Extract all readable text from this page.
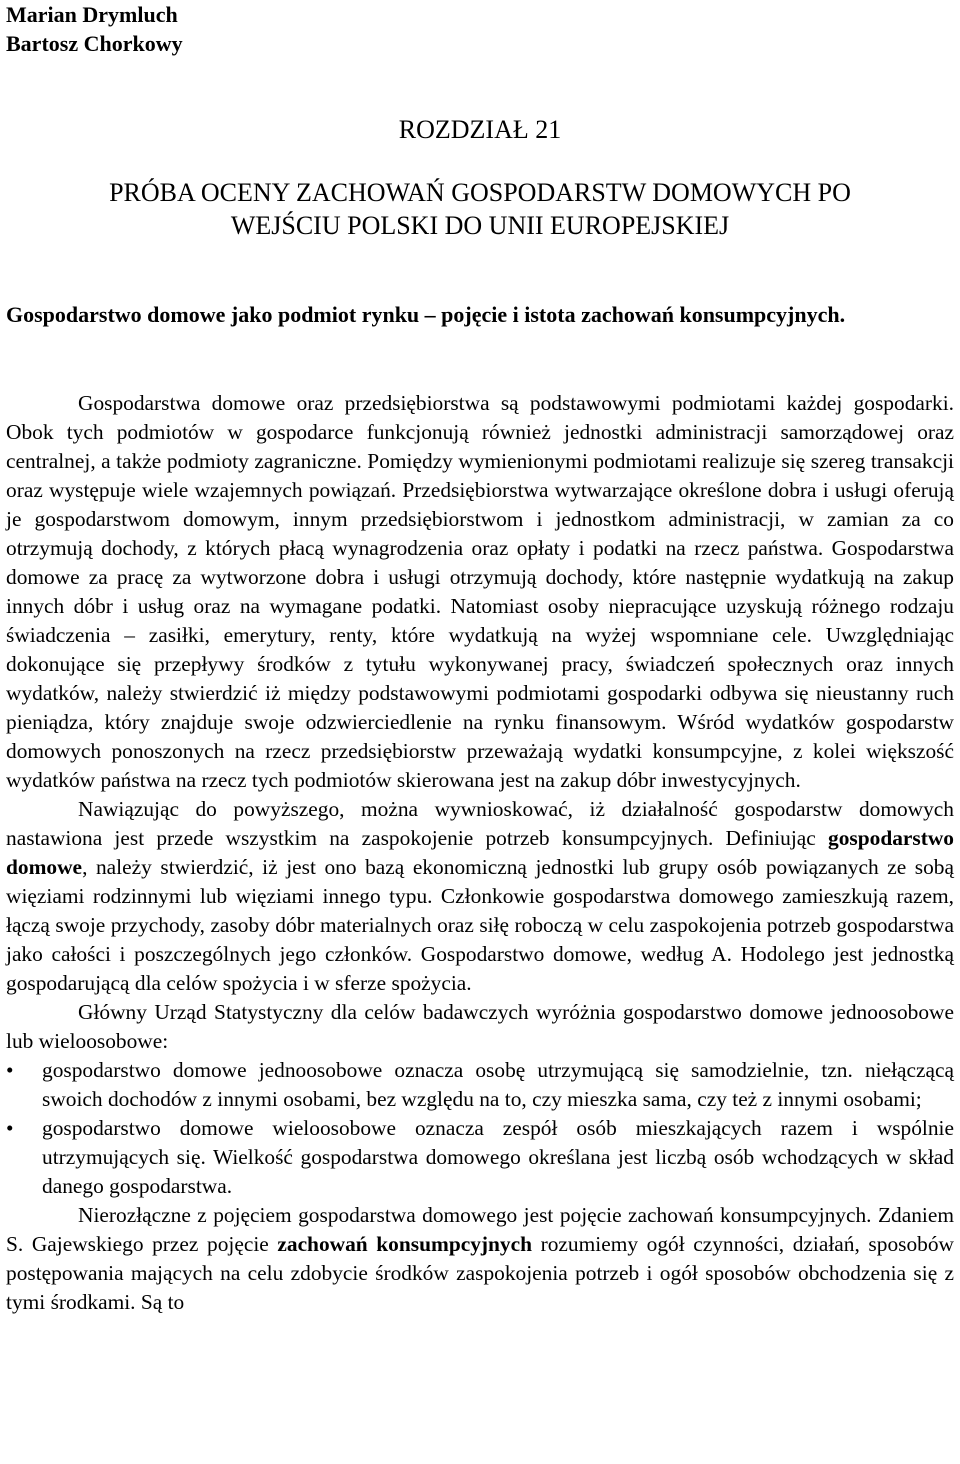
Marian Drymluch
Bartosz Chorkowy
ROZDZIAŁ 21
PRÓBA OCENY ZACHOWAŃ GOSPODARSTW DOMOWYCH PO
WEJŚCIU POLSKI DO UNII EUROPEJSKIEJ
Gospodarstwo domowe jako podmiot rynku – pojęcie i istota zachowań konsumpcyjnych.

Gospodarstwa domowe oraz przedsiębiorstwa są podstawowymi podmiotami każdej gospodarki. Obok tych podmiotów w gospodarce funkcjonują również jednostki administracji samorządowej oraz centralnej, a także podmioty zagraniczne. Pomiędzy wymienionymi podmiotami realizuje się szereg transakcji oraz występuje wiele wzajemnych powiązań. Przedsiębiorstwa wytwarzające określone dobra i usługi oferują je gospodarstwom domowym, innym przedsiębiorstwom i jednostkom administracji, w zamian za co otrzymują dochody, z których płacą wynagrodzenia oraz opłaty i podatki na rzecz państwa. Gospodarstwa domowe za pracę za wytworzone dobra i usługi otrzymują dochody, które następnie wydatkują na zakup innych dóbr i usług oraz na wymagane podatki. Natomiast osoby niepracujące uzyskują różnego rodzaju świadczenia – zasiłki, emerytury, renty, które wydatkują na wyżej wspomniane cele. Uwzględniając dokonujące się przepływy środków z tytułu wykonywanej pracy, świadczeń społecznych oraz innych wydatków, należy stwierdzić iż między podstawowymi podmiotami gospodarki odbywa się nieustanny ruch pieniądza, który znajduje swoje odzwierciedlenie na rynku finansowym. Wśród wydatków gospodarstw domowych ponoszonych na rzecz przedsiębiorstw przeważają wydatki konsumpcyjne, z kolei większość wydatków państwa na rzecz tych podmiotów skierowana jest na zakup dóbr inwestycyjnych.

Nawiązując do powyższego, można wywnioskować, iż działalność gospodarstw domowych nastawiona jest przede wszystkim na zaspokojenie potrzeb konsumpcyjnych. Definiując gospodarstwo domowe, należy stwierdzić, iż jest ono bazą ekonomiczną jednostki lub grupy osób powiązanych ze sobą więziami rodzinnymi lub więziami innego typu. Członkowie gospodarstwa domowego zamieszkują razem, łączą swoje przychody, zasoby dóbr materialnych oraz siłę roboczą w celu zaspokojenia potrzeb gospodarstwa jako całości i poszczególnych jego członków. Gospodarstwo domowe, według A. Hodolego jest jednostką gospodarującą dla celów spożycia i w sferze spożycia.

Główny Urząd Statystyczny dla celów badawczych wyróżnia gospodarstwo domowe jednoosobowe lub wieloosobowe:

•	gospodarstwo domowe jednoosobowe oznacza osobę utrzymującą się samodzielnie, tzn. niełączącą swoich dochodów z innymi osobami, bez względu na to, czy mieszka sama, czy też z innymi osobami;
•	gospodarstwo domowe wieloosobowe oznacza zespół osób mieszkających razem i wspólnie utrzymujących się. Wielkość gospodarstwa domowego określana jest liczbą osób wchodzących w skład danego gospodarstwa.

Nierozłączne z pojęciem gospodarstwa domowego jest pojęcie zachowań konsumpcyjnych. Zdaniem S. Gajewskiego przez pojęcie zachowań konsumpcyjnych rozumiemy ogół czynności, działań, sposobów postępowania mających na celu zdobycie środków zaspokojenia potrzeb i ogół sposobów obchodzenia się z tymi środkami. Są to
